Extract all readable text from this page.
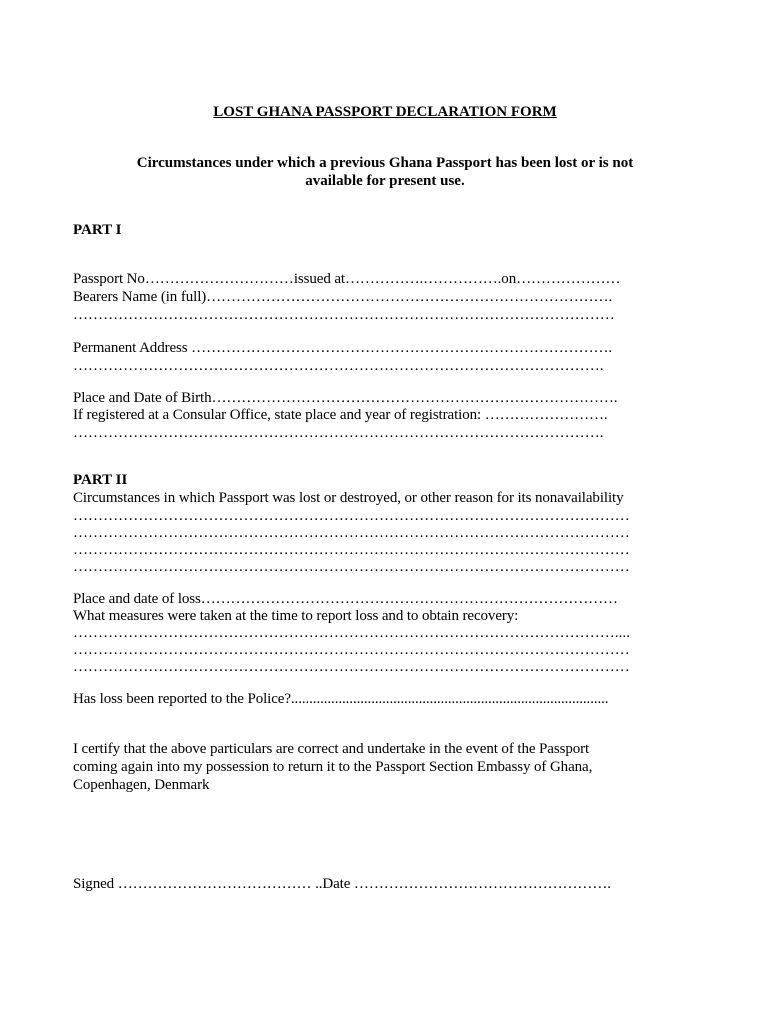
LOST GHANA PASSPORT DECLARATION FORM
Circumstances under which a previous Ghana Passport has been lost or is not
available for present use.
PART I
Passport No…………………………issued at…………….…………….on…………………
Bearers Name (in full)……………………………………………………………………….
………………………………………………………………………………………………
Permanent Address ………………………………………………………………………….
…………………………………………………………………………………………….
Place and Date of Birth……………………………………………………………………….
If registered at a Consular Office, state place and year of registration: …………………….
…………………………………………………………………………………………….
PART II
Circumstances in which Passport was lost or destroyed, or other reason for its nonavailability
…………………………………………………………………………………………………
…………………………………………………………………………………………………
…………………………………………………………………………………………………
…………………………………………………………………………………………………
Place and date of loss…………………………………………………………………………
What measures were taken at the time to report loss and to obtain recovery:
………………………………………………………………………………………………....
…………………………………………………………………………………………………
…………………………………………………………………………………………………
Has loss been reported to the Police?.......................................................................................
I certify that the above particulars are correct and undertake in the event of the Passport
coming again into my possession to return it to the Passport Section Embassy of Ghana,
Copenhagen, Denmark
Signed ………………………………… ..Date …………………………………………….
